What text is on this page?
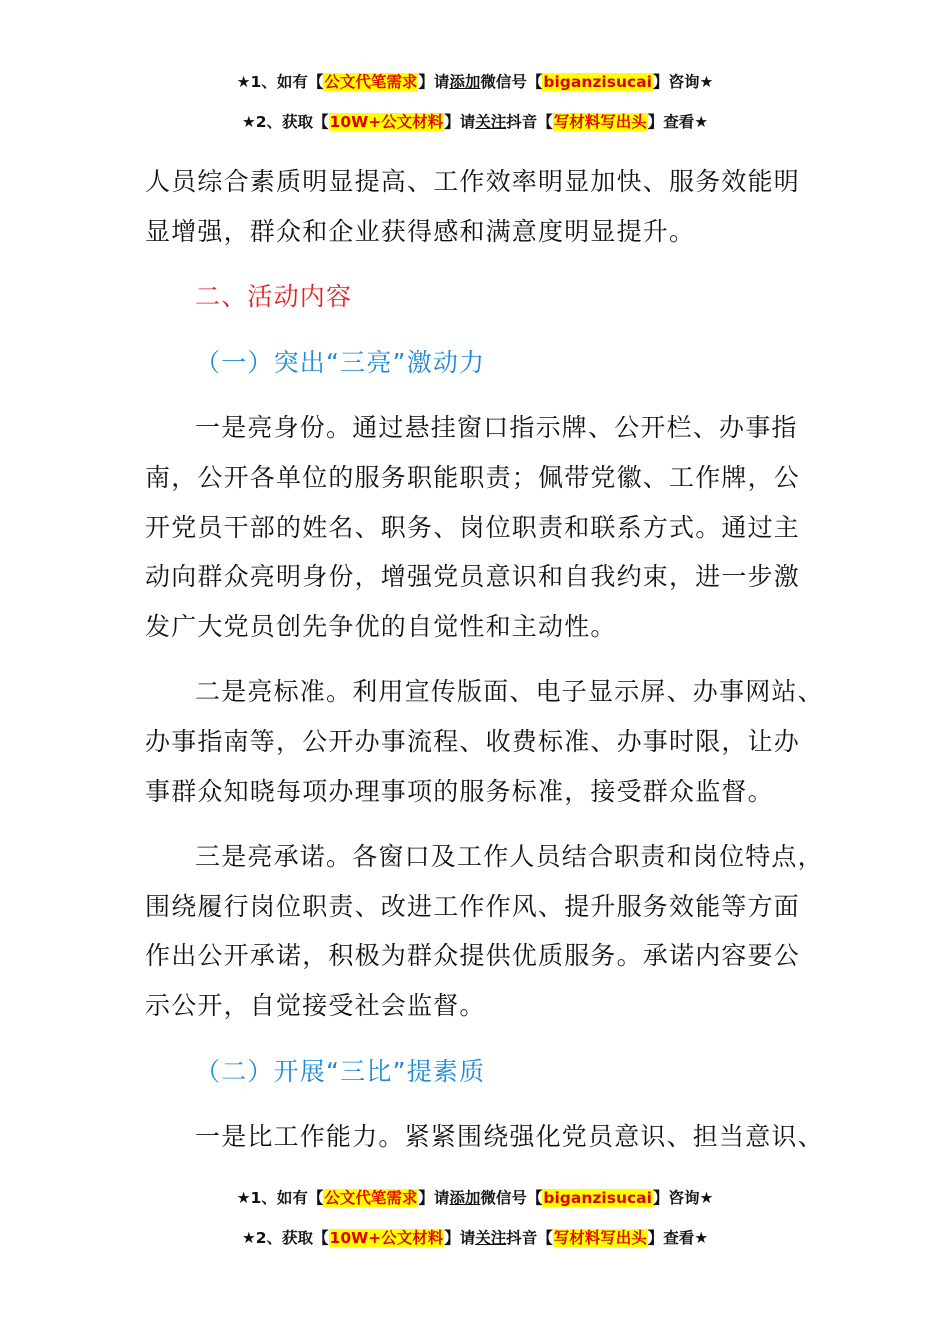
★1、如有【公文代笔需求】请添加微信号【biganzisucai】咨询★
★2、获取【10W+公文材料】请关注抖音【写材料写出头】查看★

人员综合素质明显提高、工作效率明显加快、服务效能明显增强，群众和企业获得感和满意度明显提升。

二、活动内容

（一）突出“三亮”激动力

一是亮身份。通过悬挂窗口指示牌、公开栏、办事指南，公开各单位的服务职能职责；佩带党徽、工作牌，公开党员干部的姓名、职务、岗位职责和联系方式。通过主动向群众亮明身份，增强党员意识和自我约束，进一步激发广大党员创先争优的自觉性和主动性。

二是亮标准。利用宣传版面、电子显示屏、办事网站、办事指南等，公开办事流程、收费标准、办事时限，让办事群众知晓每项办理事项的服务标准，接受群众监督。

三是亮承诺。各窗口及工作人员结合职责和岗位特点，围绕履行岗位职责、改进工作作风、提升服务效能等方面作出公开承诺，积极为群众提供优质服务。承诺内容要公示公开，自觉接受社会监督。

（二）开展“三比”提素质

一是比工作能力。紧紧围绕强化党员意识、担当意识、

★1、如有【公文代笔需求】请添加微信号【biganzisucai】咨询★
★2、获取【10W+公文材料】请关注抖音【写材料写出头】查看★
